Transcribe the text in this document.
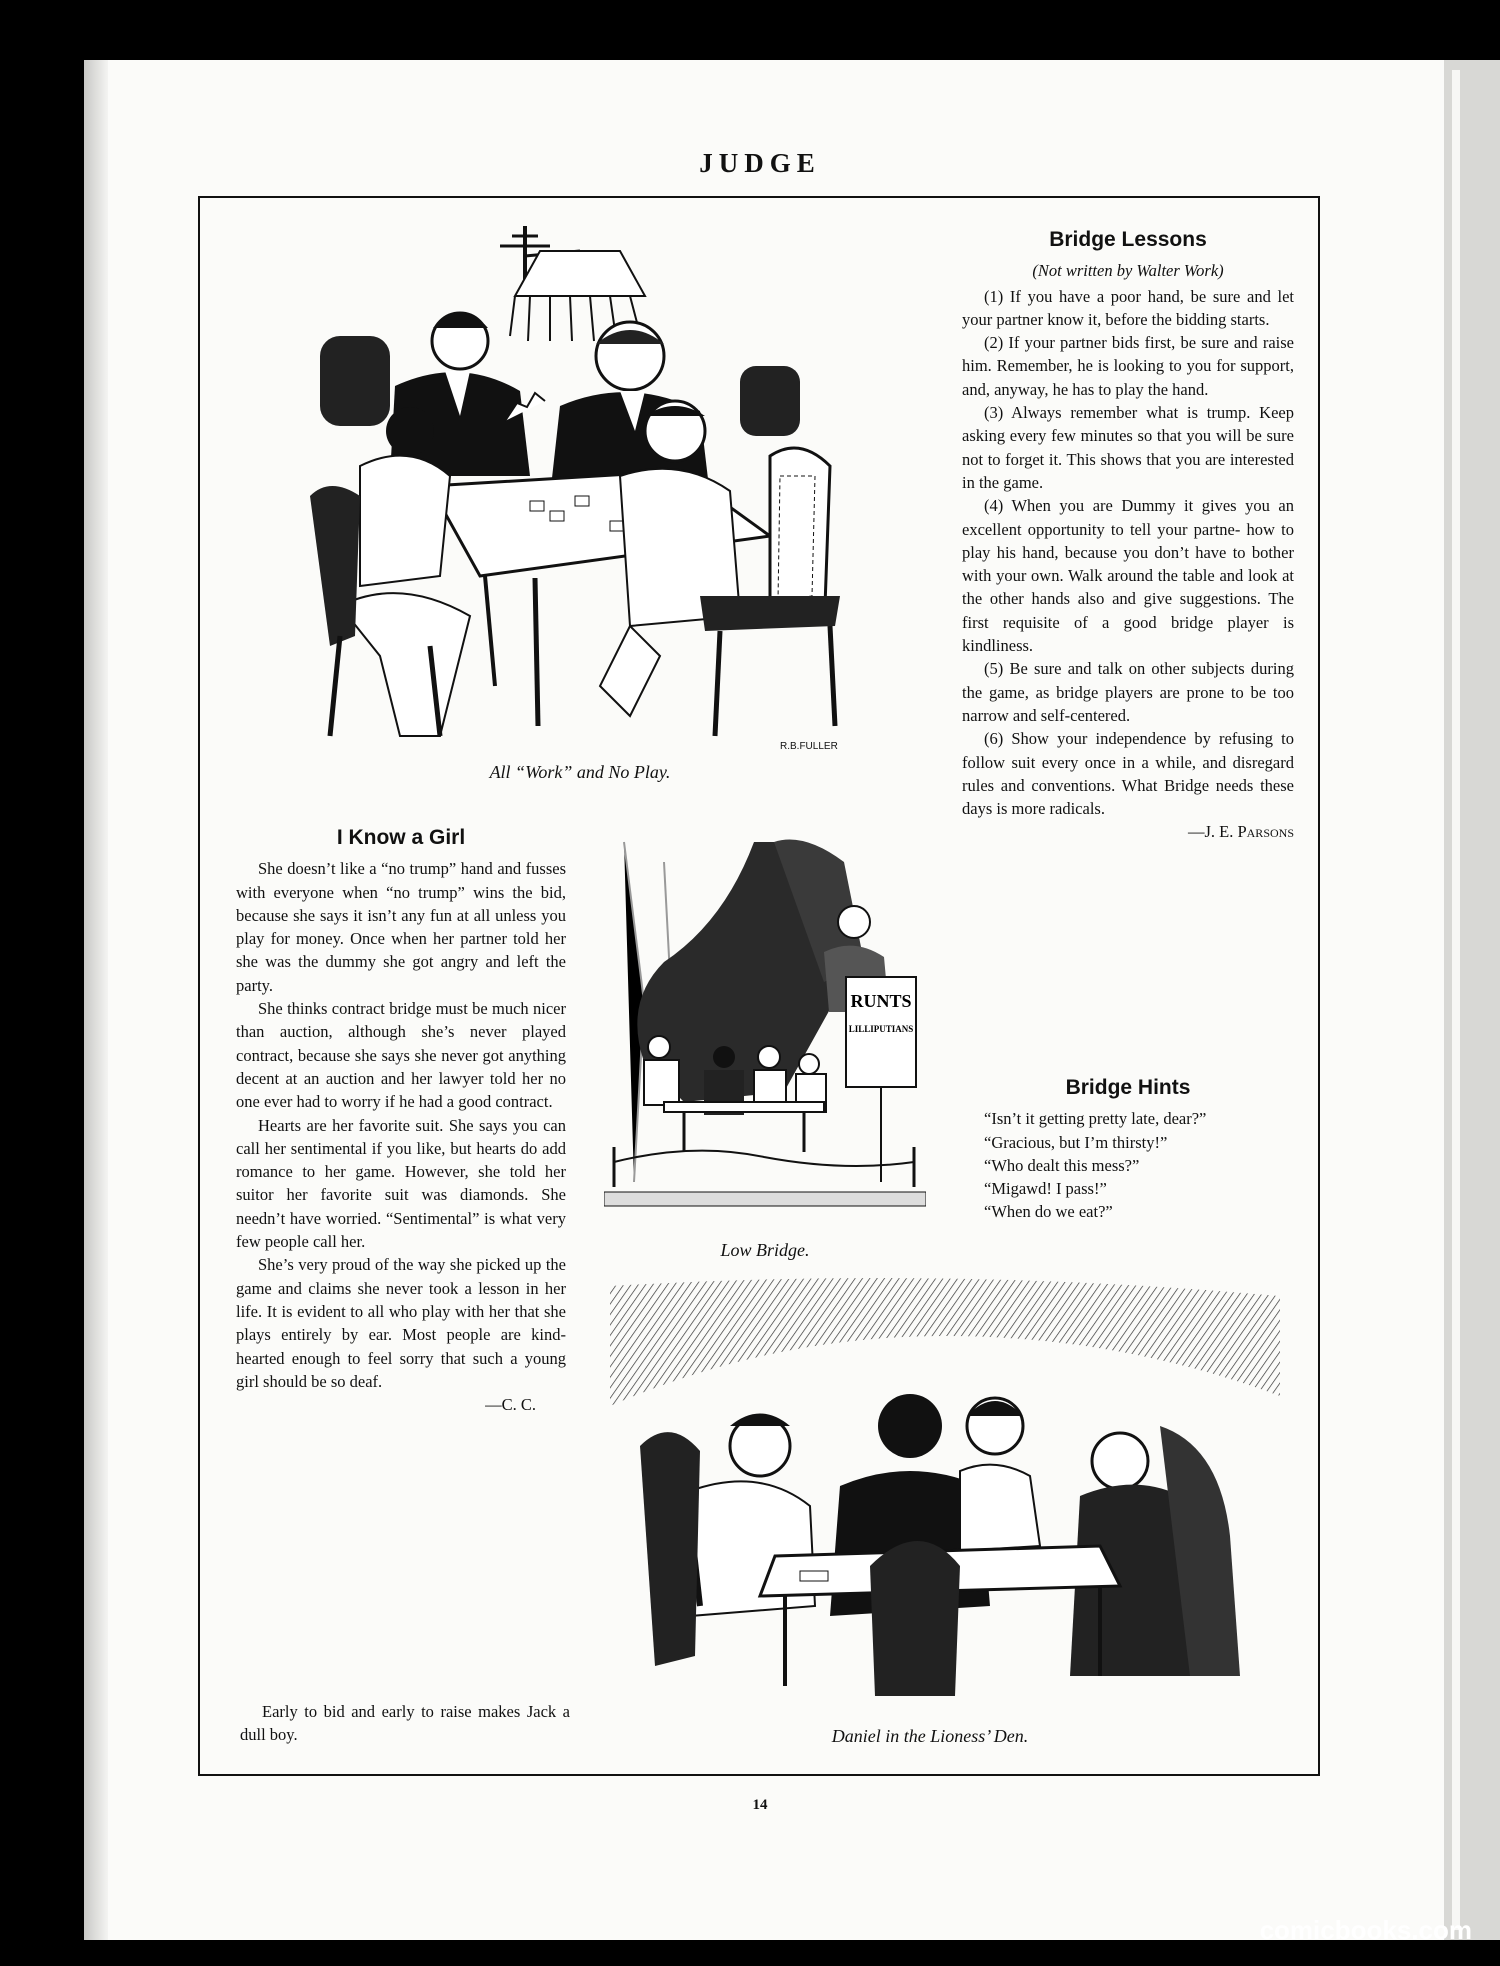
JUDGE
R.B.FULLER
All “Work” and No Play.
Bridge Lessons
(Not written by Walter Work)

(1) If you have a poor hand, be sure and let your partner know it, before the bidding starts.

(2) If your partner bids first, be sure and raise him. Remember, he is looking to you for support, and, anyway, he has to play the hand.

(3) Always remember what is trump. Keep asking every few minutes so that you will be sure not to forget it. This shows that you are interested in the game.

(4) When you are Dummy it gives you an excellent opportunity to tell your partne‐ how to play his hand, because you don’t have to bother with your own. Walk around the table and look at the other hands also and give suggestions. The first requisite of a good bridge player is kindliness.

(5) Be sure and talk on other subjects during the game, as bridge players are prone to be too narrow and self-centered.

(6) Show your independence by refusing to follow suit every once in a while, and disregard rules and conventions. What Bridge needs these days is more radicals.

—J. E. Parsons
I Know a Girl

She doesn’t like a “no trump” hand and fusses with everyone when “no trump” wins the bid, because she says it isn’t any fun at all unless you play for money. Once when her partner told her she was the dummy she got angry and left the party.

She thinks contract bridge must be much nicer than auction, although she’s never played contract, because she says she never got anything decent at an auction and her lawyer told her no one ever had to worry if he had a good contract.

Hearts are her favorite suit. She says you can call her sentimental if you like, but hearts do add romance to her game. However, she told her suitor her favorite suit was diamonds. She needn’t have worried. “Sentimental” is what very few people call her.

She’s very proud of the way she picked up the game and claims she never took a lesson in her life. It is evident to all who play with her that she plays entirely by ear. Most people are kind-hearted enough to feel sorry that such a young girl should be so deaf.

—C. C.

Early to bid and early to raise makes Jack a dull boy.

RUNTS
LILLIPUTIANS
Low Bridge.
Bridge Hints

“Isn’t it getting pretty late, dear?”

“Gracious, but I’m thirsty!”

“Who dealt this mess?”

“Migawd! I pass!”

“When do we eat?”

Daniel in the Lioness’ Den.
14
comicbooks.com
